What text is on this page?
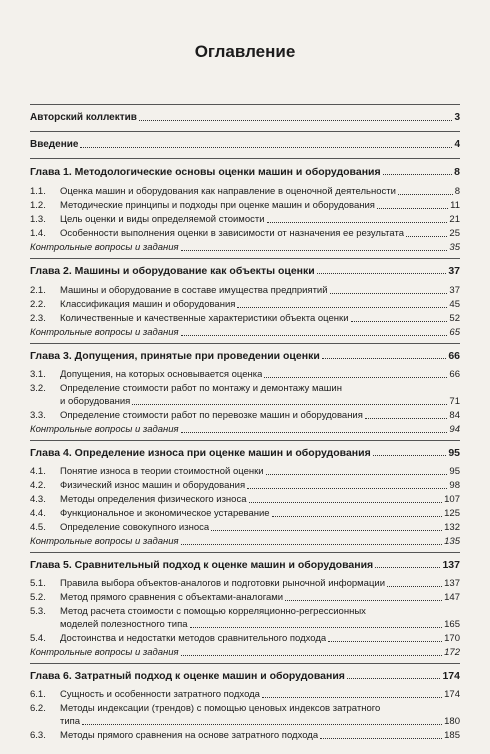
Оглавление
Авторский коллектив	3
Введение	4
Глава 1. Методологические основы оценки машин и оборудования	8
1.1.	Оценка машин и оборудования как направление в оценочной деятельности	8
1.2.	Методические принципы и подходы при оценке машин и оборудования	11
1.3.	Цель оценки и виды определяемой стоимости	21
1.4.	Особенности выполнения оценки в зависимости от назначения ее результата	25
Контрольные вопросы и задания	35
Глава 2. Машины и оборудование как объекты оценки	37
2.1.	Машины и оборудование в составе имущества предприятий	37
2.2.	Классификация машин и оборудования	45
2.3.	Количественные и качественные характеристики объекта оценки	52
Контрольные вопросы и задания	65
Глава 3. Допущения, принятые при проведении оценки	66
3.1.	Допущения, на которых основывается оценка	66
3.2.	Определение стоимости работ по монтажу и демонтажу машин
и оборудования	71
3.3.	Определение стоимости работ по перевозке машин и оборудования	84
Контрольные вопросы и задания	94
Глава 4. Определение износа при оценке машин и оборудования	95
4.1.	Понятие износа в теории стоимостной оценки	95
4.2.	Физический износ машин и оборудования	98
4.3.	Методы определения физического износа	107
4.4.	Функциональное и экономическое устаревание	125
4.5.	Определение совокупного износа	132
Контрольные вопросы и задания	135
Глава 5. Сравнительный подход к оценке машин и оборудования	137
5.1.	Правила выбора объектов-аналогов и подготовки рыночной информации	137
5.2.	Метод прямого сравнения с объектами-аналогами	147
5.3.	Метод расчета стоимости с помощью корреляционно-регрессионных
моделей полезностного типа	165
5.4.	Достоинства и недостатки методов сравнительного подхода	170
Контрольные вопросы и задания	172
Глава 6. Затратный подход к оценке машин и оборудования	174
6.1.	Сущность и особенности затратного подхода	174
6.2.	Методы индексации (трендов) с помощью ценовых индексов затратного
типа	180
6.3.	Методы прямого сравнения на основе затратного подхода	185
